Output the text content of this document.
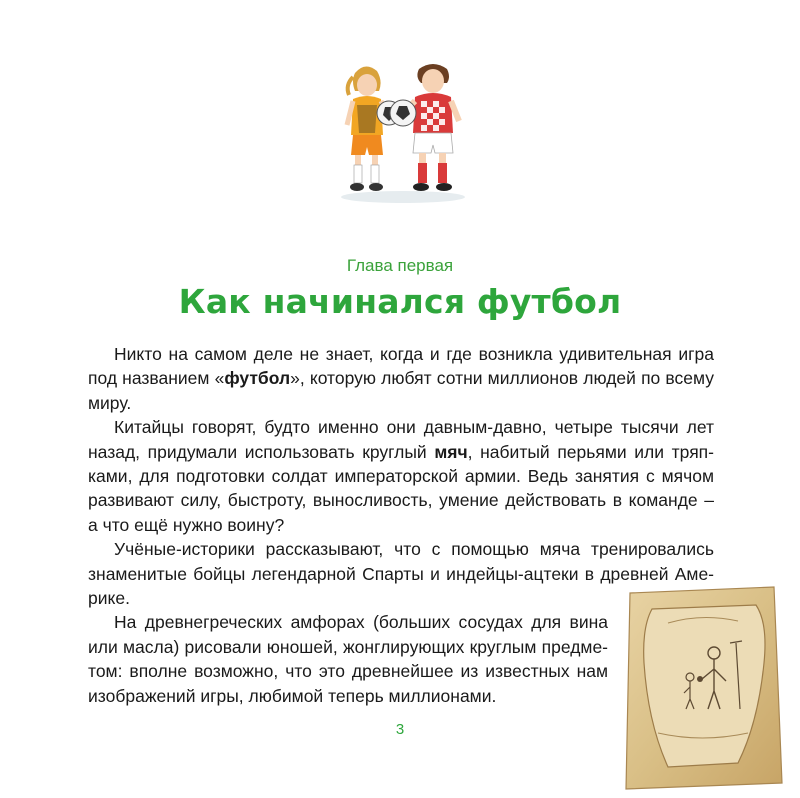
Глава первая
Как начинался футбол

Никто на самом деле не знает, когда и где возникла удивительная игра под названием «футбол», которую любят сотни миллионов людей по всему миру.

Китайцы говорят, будто именно они давным-давно, четыре тысячи лет назад, придумали использовать круглый мяч, набитый перьями или тряпками, для подготовки солдат императорской армии. Ведь занятия с мячом развивают силу, быстроту, выносливость, умение действовать в команде – а что ещё нужно воину?

Учёные-историки рассказывают, что с помощью мяча тренировались знаменитые бойцы легендарной Спарты и индейцы-ацтеки в древней Америке.

На древнегреческих амфорах (больших сосудах для вина или масла) рисовали юношей, жонглирующих круглым предметом: вполне возможно, что это древнейшее из известных нам изображений игры, любимой теперь миллионами.

3
